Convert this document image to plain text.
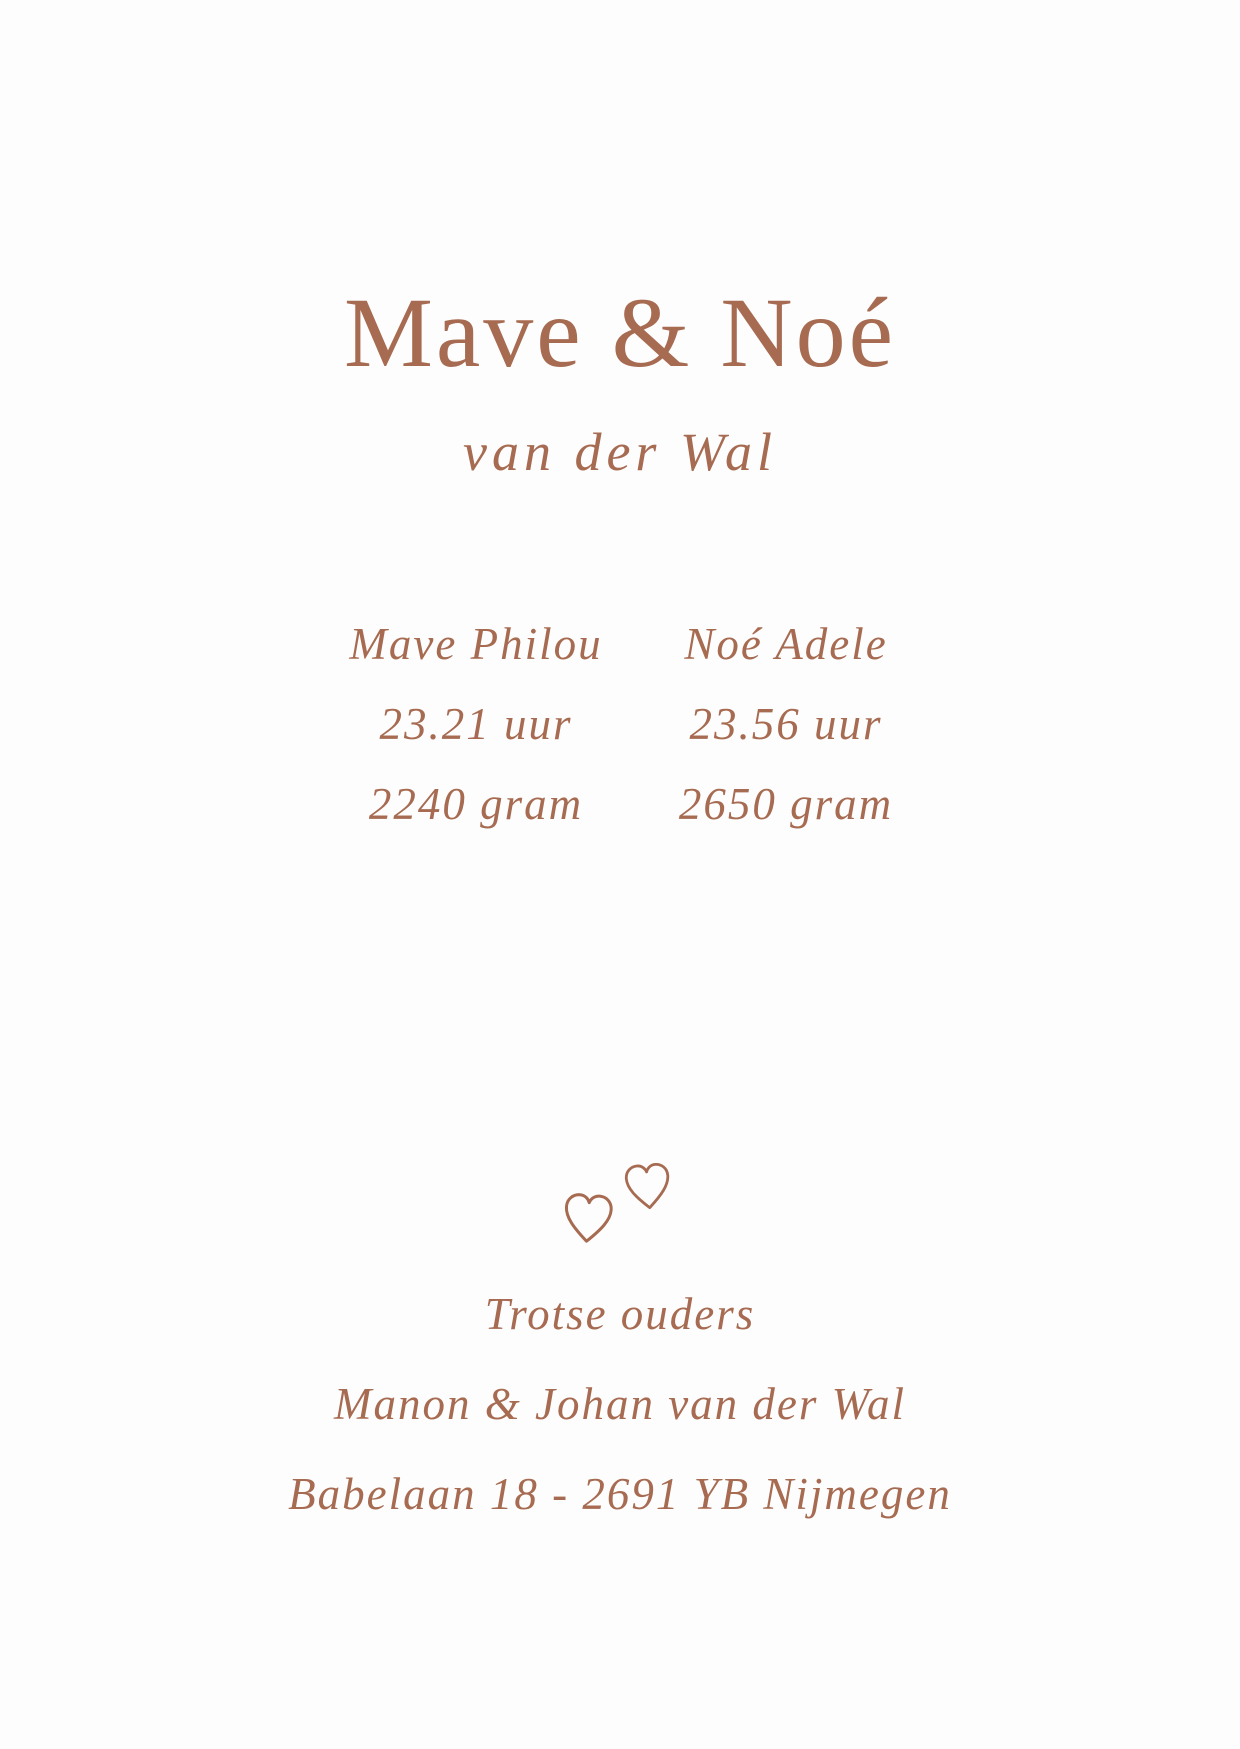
Mave & Noé
van der Wal
Mave Philou
23.21 uur
2240 gram
Noé Adele
23.56 uur
2650 gram
Trotse ouders
Manon & Johan van der Wal
Babelaan 18 - 2691 YB Nijmegen
